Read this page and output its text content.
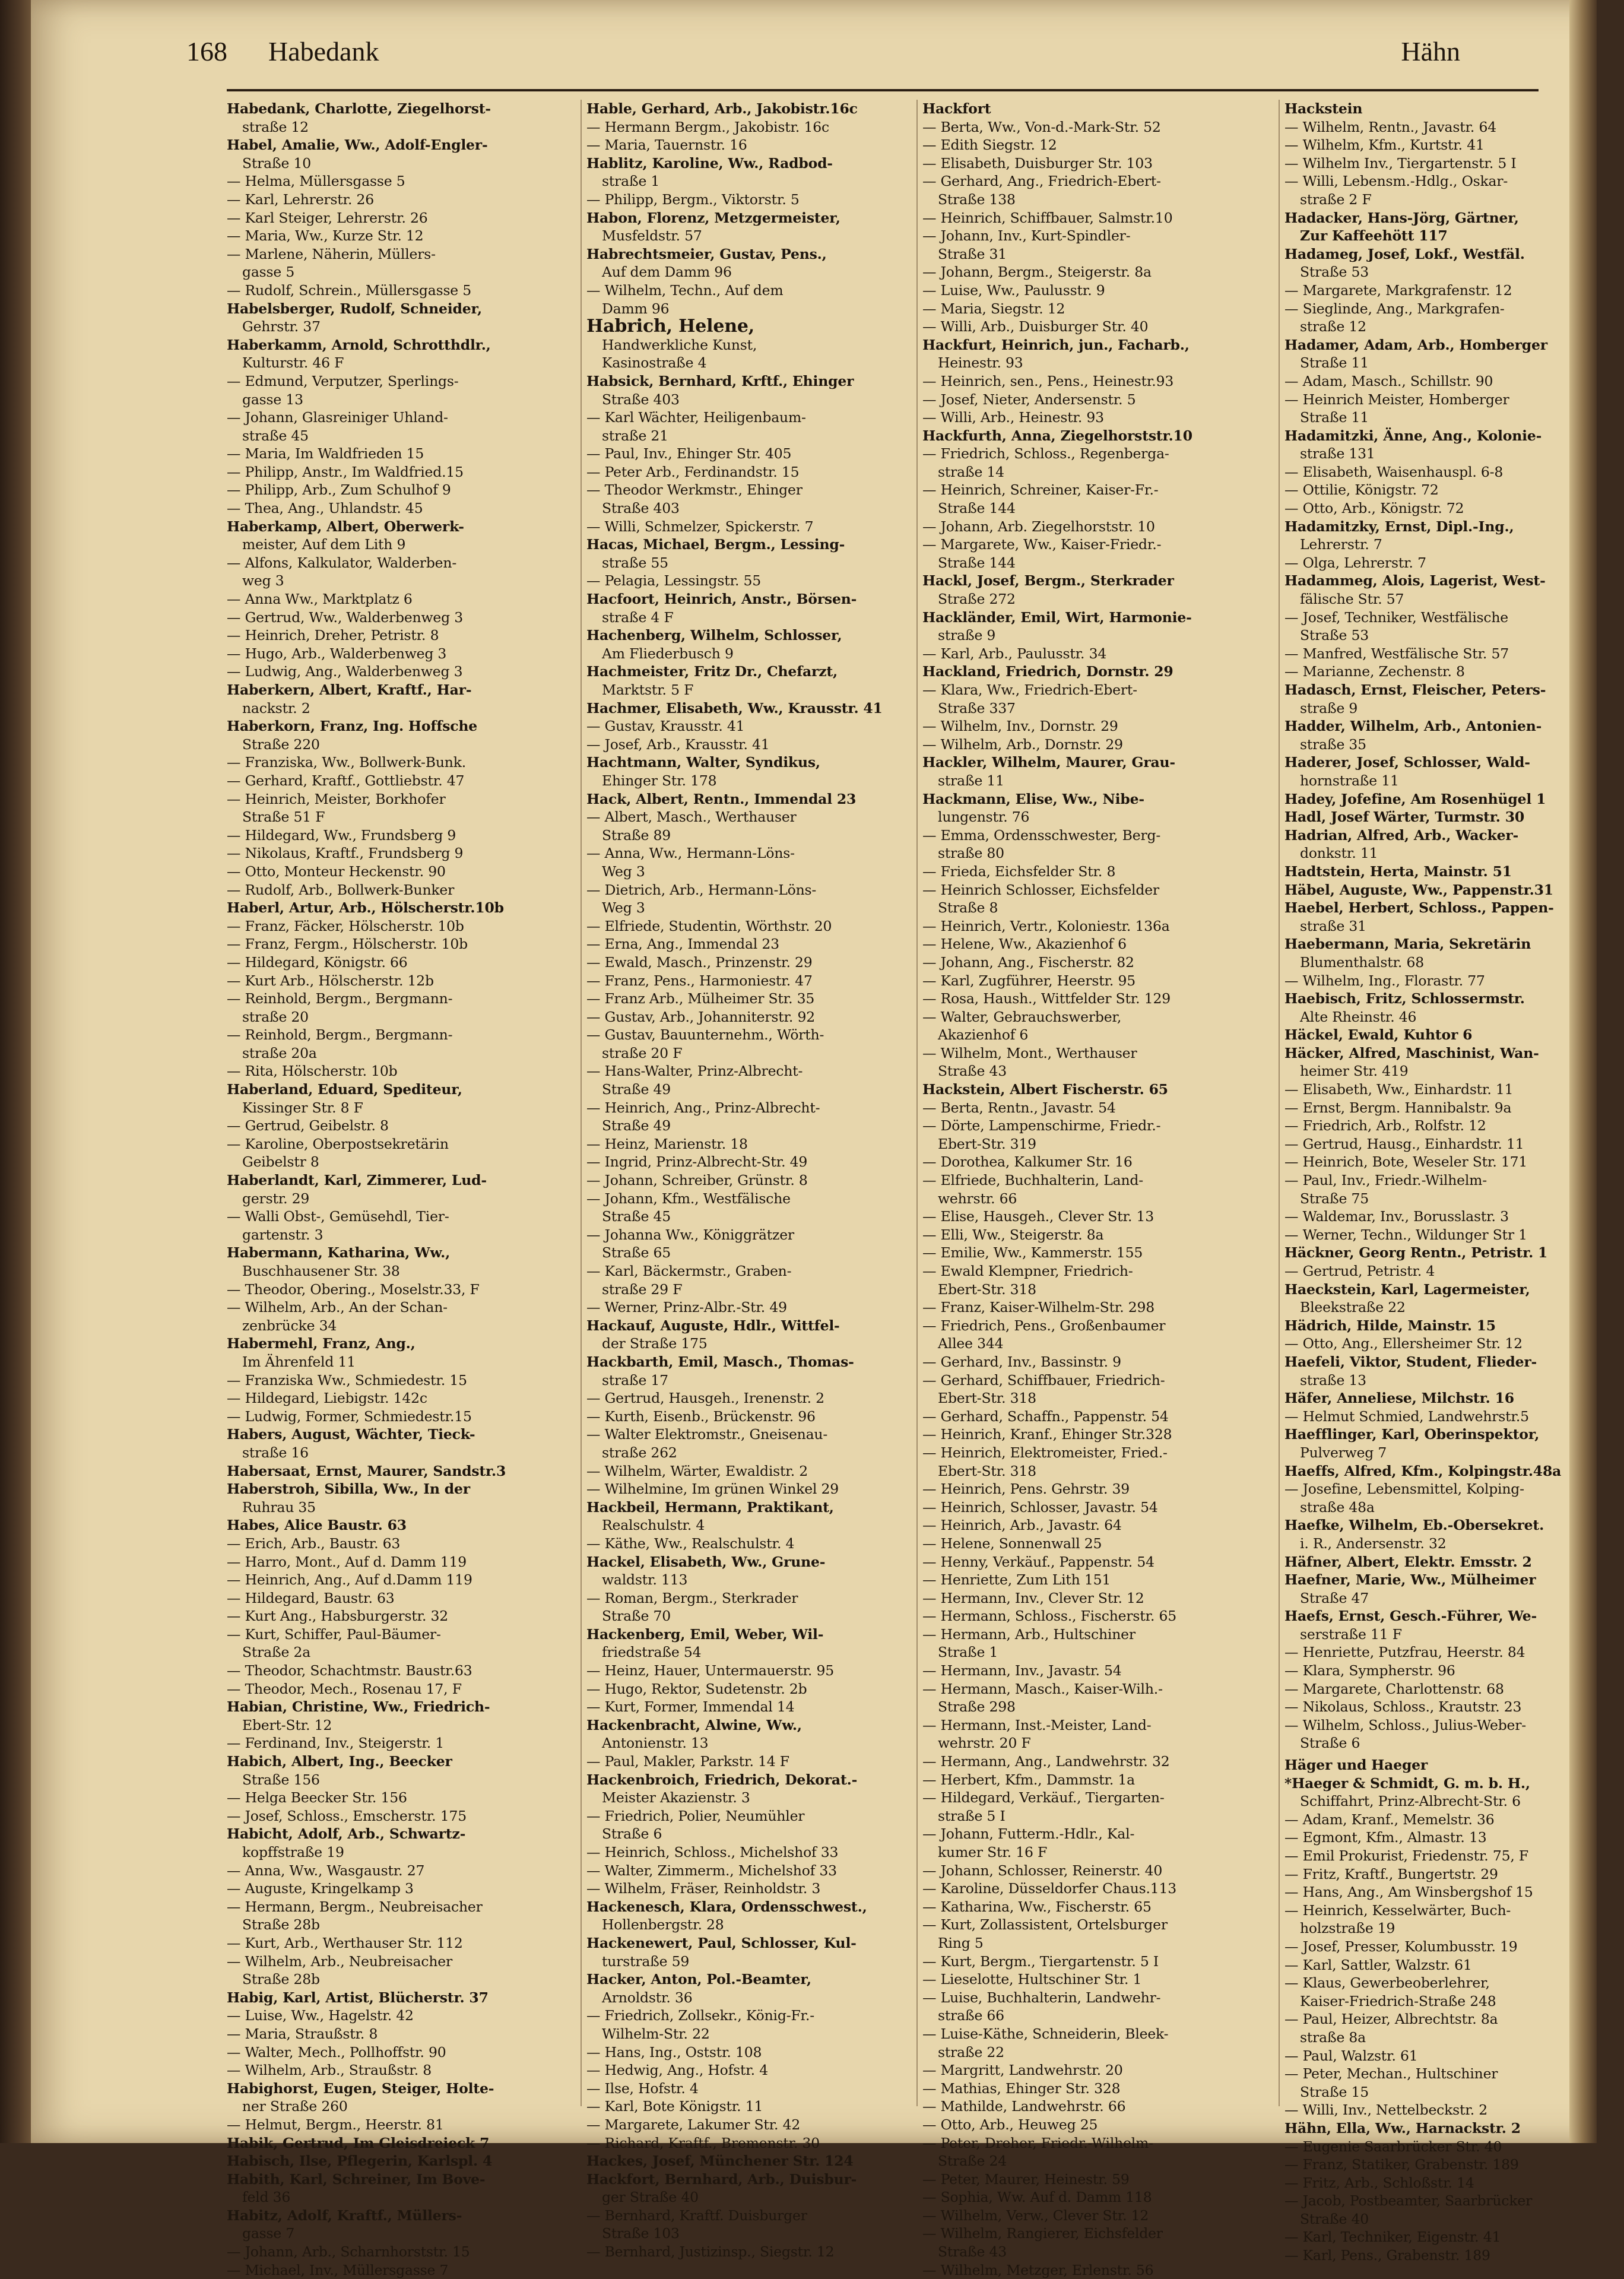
168 Habedank	Hähn
Habedank, Charlotte, Ziegelhorst-
straße 12
Habel, Amalie, Ww., Adolf-Engler-
Straße 10
— Helma, Müllersgasse 5
— Karl, Lehrerstr. 26
— Karl Steiger, Lehrerstr. 26
— Maria, Ww., Kurze Str. 12
— Marlene, Näherin, Müllers-
gasse 5
— Rudolf, Schrein., Müllersgasse 5
Habelsberger, Rudolf, Schneider,
Gehrstr. 37
Haberkamm, Arnold, Schrotthdlr.,
Kulturstr. 46 F
— Edmund, Verputzer, Sperlings-
gasse 13
— Johann, Glasreiniger Uhland-
straße 45
— Maria, Im Waldfrieden 15
— Philipp, Anstr., Im Waldfried.15
— Philipp, Arb., Zum Schulhof 9
— Thea, Ang., Uhlandstr. 45
Haberkamp, Albert, Oberwerk-
meister, Auf dem Lith 9
— Alfons, Kalkulator, Walderben-
weg 3
— Anna Ww., Marktplatz 6
— Gertrud, Ww., Walderbenweg 3
— Heinrich, Dreher, Petristr. 8
— Hugo, Arb., Walderbenweg 3
— Ludwig, Ang., Walderbenweg 3
Haberkern, Albert, Kraftf., Har-
nackstr. 2
Haberkorn, Franz, Ing. Hoffsche
Straße 220
— Franziska, Ww., Bollwerk-Bunk.
— Gerhard, Kraftf., Gottliebstr. 47
— Heinrich, Meister, Borkhofer
Straße 51 F
— Hildegard, Ww., Frundsberg 9
— Nikolaus, Kraftf., Frundsberg 9
— Otto, Monteur Heckenstr. 90
— Rudolf, Arb., Bollwerk-Bunker
Haberl, Artur, Arb., Hölscherstr.10b
— Franz, Fäcker, Hölscherstr. 10b
— Franz, Fergm., Hölscherstr. 10b
— Hildegard, Königstr. 66
— Kurt Arb., Hölscherstr. 12b
— Reinhold, Bergm., Bergmann-
straße 20
— Reinhold, Bergm., Bergmann-
straße 20a
— Rita, Hölscherstr. 10b
Haberland, Eduard, Spediteur,
Kissinger Str. 8 F
— Gertrud, Geibelstr. 8
— Karoline, Oberpostsekretärin
Geibelstr 8
Haberlandt, Karl, Zimmerer, Lud-
gerstr. 29
— Walli Obst-, Gemüsehdl, Tier-
gartenstr. 3
Habermann, Katharina, Ww.,
Buschhausener Str. 38
— Theodor, Obering., Moselstr.33, F
— Wilhelm, Arb., An der Schan-
zenbrücke 34
Habermehl, Franz, Ang.,
Im Ährenfeld 11
— Franziska Ww., Schmiedestr. 15
— Hildegard, Liebigstr. 142c
— Ludwig, Former, Schmiedestr.15
Habers, August, Wächter, Tieck-
straße 16
Habersaat, Ernst, Maurer, Sandstr.3
Haberstroh, Sibilla, Ww., In der
Ruhrau 35
Habes, Alice Baustr. 63
— Erich, Arb., Baustr. 63
— Harro, Mont., Auf d. Damm 119
— Heinrich, Ang., Auf d.Damm 119
— Hildegard, Baustr. 63
— Kurt Ang., Habsburgerstr. 32
— Kurt, Schiffer, Paul-Bäumer-
Straße 2a
— Theodor, Schachtmstr. Baustr.63
— Theodor, Mech., Rosenau 17, F
Habian, Christine, Ww., Friedrich-
Ebert-Str. 12
— Ferdinand, Inv., Steigerstr. 1
Habich, Albert, Ing., Beecker
Straße 156
— Helga Beecker Str. 156
— Josef, Schloss., Emscherstr. 175
Habicht, Adolf, Arb., Schwartz-
kopffstraße 19
— Anna, Ww., Wasgaustr. 27
— Auguste, Kringelkamp 3
— Hermann, Bergm., Neubreisacher
Straße 28b
— Kurt, Arb., Werthauser Str. 112
— Wilhelm, Arb., Neubreisacher
Straße 28b
Habig, Karl, Artist, Blücherstr. 37
— Luise, Ww., Hagelstr. 42
— Maria, Straußstr. 8
— Walter, Mech., Pollhoffstr. 90
— Wilhelm, Arb., Straußstr. 8
Habighorst, Eugen, Steiger, Holte-
ner Straße 260
— Helmut, Bergm., Heerstr. 81
Habik, Gertrud, Im Gleisdreieck 7
Habisch, Ilse, Pflegerin, Karlspl. 4
Habith, Karl, Schreiner, Im Bove-
feld 36
Habitz, Adolf, Kraftf., Müllers-
gasse 7
— Johann, Arb., Scharnhorststr. 15
— Michael, Inv., Müllersgasse 7
Hable, Gerhard, Arb., Jakobistr.16c
— Hermann Bergm., Jakobistr. 16c
— Maria, Tauernstr. 16
Hablitz, Karoline, Ww., Radbod-
straße 1
— Philipp, Bergm., Viktorstr. 5
Habon, Florenz, Metzgermeister,
Musfeldstr. 57
Habrechtsmeier, Gustav, Pens.,
Auf dem Damm 96
— Wilhelm, Techn., Auf dem
Damm 96
Habrich, Helene,
Handwerkliche Kunst,
Kasinostraße 4
Habsick, Bernhard, Krftf., Ehinger
Straße 403
— Karl Wächter, Heiligenbaum-
straße 21
— Paul, Inv., Ehinger Str. 405
— Peter Arb., Ferdinandstr. 15
— Theodor Werkmstr., Ehinger
Straße 403
— Willi, Schmelzer, Spickerstr. 7
Hacas, Michael, Bergm., Lessing-
straße 55
— Pelagia, Lessingstr. 55
Hacfoort, Heinrich, Anstr., Börsen-
straße 4 F
Hachenberg, Wilhelm, Schlosser,
Am Fliederbusch 9
Hachmeister, Fritz Dr., Chefarzt,
Marktstr. 5 F
Hachmer, Elisabeth, Ww., Krausstr. 41
— Gustav, Krausstr. 41
— Josef, Arb., Krausstr. 41
Hachtmann, Walter, Syndikus,
Ehinger Str. 178
Hack, Albert, Rentn., Immendal 23
— Albert, Masch., Werthauser
Straße 89
— Anna, Ww., Hermann-Löns-
Weg 3
— Dietrich, Arb., Hermann-Löns-
Weg 3
— Elfriede, Studentin, Wörthstr. 20
— Erna, Ang., Immendal 23
— Ewald, Masch., Prinzenstr. 29
— Franz, Pens., Harmoniestr. 47
— Franz Arb., Mülheimer Str. 35
— Gustav, Arb., Johanniterstr. 92
— Gustav, Bauunternehm., Wörth-
straße 20 F
— Hans-Walter, Prinz-Albrecht-
Straße 49
— Heinrich, Ang., Prinz-Albrecht-
Straße 49
— Heinz, Marienstr. 18
— Ingrid, Prinz-Albrecht-Str. 49
— Johann, Schreiber, Grünstr. 8
— Johann, Kfm., Westfälische
Straße 45
— Johanna Ww., Königgrätzer
Straße 65
— Karl, Bäckermstr., Graben-
straße 29 F
— Werner, Prinz-Albr.-Str. 49
Hackauf, Auguste, Hdlr., Wittfel-
der Straße 175
Hackbarth, Emil, Masch., Thomas-
straße 17
— Gertrud, Hausgeh., Irenenstr. 2
— Kurth, Eisenb., Brückenstr. 96
— Walter Elektromstr., Gneisenau-
straße 262
— Wilhelm, Wärter, Ewaldistr. 2
— Wilhelmine, Im grünen Winkel 29
Hackbeil, Hermann, Praktikant,
Realschulstr. 4
— Käthe, Ww., Realschulstr. 4
Hackel, Elisabeth, Ww., Grune-
waldstr. 113
— Roman, Bergm., Sterkrader
Straße 70
Hackenberg, Emil, Weber, Wil-
friedstraße 54
— Heinz, Hauer, Untermauerstr. 95
— Hugo, Rektor, Sudetenstr. 2b
— Kurt, Former, Immendal 14
Hackenbracht, Alwine, Ww.,
Antonienstr. 13
— Paul, Makler, Parkstr. 14 F
Hackenbroich, Friedrich, Dekorat.-
Meister Akazienstr. 3
— Friedrich, Polier, Neumühler
Straße 6
— Heinrich, Schloss., Michelshof 33
— Walter, Zimmerm., Michelshof 33
— Wilhelm, Fräser, Reinholdstr. 3
Hackenesch, Klara, Ordensschwest.,
Hollenbergstr. 28
Hackenewert, Paul, Schlosser, Kul-
turstraße 59
Hacker, Anton, Pol.-Beamter,
Arnoldstr. 36
— Friedrich, Zollsekr., König-Fr.-
Wilhelm-Str. 22
— Hans, Ing., Oststr. 108
— Hedwig, Ang., Hofstr. 4
— Ilse, Hofstr. 4
— Karl, Bote Königstr. 11
— Margarete, Lakumer Str. 42
— Richard, Kraftf., Bremenstr. 30
Hackes, Josef, Münchener Str. 124
Hackfort, Bernhard, Arb., Duisbur-
ger Straße 40
— Bernhard, Kraftf. Duisburger
Straße 103
— Bernhard, Justizinsp., Siegstr. 12
Hackfort
— Berta, Ww., Von-d.-Mark-Str. 52
— Edith Siegstr. 12
— Elisabeth, Duisburger Str. 103
— Gerhard, Ang., Friedrich-Ebert-
Straße 138
— Heinrich, Schiffbauer, Salmstr.10
— Johann, Inv., Kurt-Spindler-
Straße 31
— Johann, Bergm., Steigerstr. 8a
— Luise, Ww., Paulusstr. 9
— Maria, Siegstr. 12
— Willi, Arb., Duisburger Str. 40
Hackfurt, Heinrich, jun., Facharb.,
Heinestr. 93
— Heinrich, sen., Pens., Heinestr.93
— Josef, Nieter, Andersenstr. 5
— Willi, Arb., Heinestr. 93
Hackfurth, Anna, Ziegelhorststr.10
— Friedrich, Schloss., Regenberga-
straße 14
— Heinrich, Schreiner, Kaiser-Fr.-
Straße 144
— Johann, Arb. Ziegelhorststr. 10
— Margarete, Ww., Kaiser-Friedr.-
Straße 144
Hackl, Josef, Bergm., Sterkrader
Straße 272
Hackländer, Emil, Wirt, Harmonie-
straße 9
— Karl, Arb., Paulusstr. 34
Hackland, Friedrich, Dornstr. 29
— Klara, Ww., Friedrich-Ebert-
Straße 337
— Wilhelm, Inv., Dornstr. 29
— Wilhelm, Arb., Dornstr. 29
Hackler, Wilhelm, Maurer, Grau-
straße 11
Hackmann, Elise, Ww., Nibe-
lungenstr. 76
— Emma, Ordensschwester, Berg-
straße 80
— Frieda, Eichsfelder Str. 8
— Heinrich Schlosser, Eichsfelder
Straße 8
— Heinrich, Vertr., Koloniestr. 136a
— Helene, Ww., Akazienhof 6
— Johann, Ang., Fischerstr. 82
— Karl, Zugführer, Heerstr. 95
— Rosa, Haush., Wittfelder Str. 129
— Walter, Gebrauchswerber,
Akazienhof 6
— Wilhelm, Mont., Werthauser
Straße 43
Hackstein, Albert Fischerstr. 65
— Berta, Rentn., Javastr. 54
— Dörte, Lampenschirme, Friedr.-
Ebert-Str. 319
— Dorothea, Kalkumer Str. 16
— Elfriede, Buchhalterin, Land-
wehrstr. 66
— Elise, Hausgeh., Clever Str. 13
— Elli, Ww., Steigerstr. 8a
— Emilie, Ww., Kammerstr. 155
— Ewald Klempner, Friedrich-
Ebert-Str. 318
— Franz, Kaiser-Wilhelm-Str. 298
— Friedrich, Pens., Großenbaumer
Allee 344
— Gerhard, Inv., Bassinstr. 9
— Gerhard, Schiffbauer, Friedrich-
Ebert-Str. 318
— Gerhard, Schaffn., Pappenstr. 54
— Heinrich, Kranf., Ehinger Str.328
— Heinrich, Elektromeister, Fried.-
Ebert-Str. 318
— Heinrich, Pens. Gehrstr. 39
— Heinrich, Schlosser, Javastr. 54
— Heinrich, Arb., Javastr. 64
— Helene, Sonnenwall 25
— Henny, Verkäuf., Pappenstr. 54
— Henriette, Zum Lith 151
— Hermann, Inv., Clever Str. 12
— Hermann, Schloss., Fischerstr. 65
— Hermann, Arb., Hultschiner
Straße 1
— Hermann, Inv., Javastr. 54
— Hermann, Masch., Kaiser-Wilh.-
Straße 298
— Hermann, Inst.-Meister, Land-
wehrstr. 20 F
— Hermann, Ang., Landwehrstr. 32
— Herbert, Kfm., Dammstr. 1a
— Hildegard, Verkäuf., Tiergarten-
straße 5 I
— Johann, Futterm.-Hdlr., Kal-
kumer Str. 16 F
— Johann, Schlosser, Reinerstr. 40
— Karoline, Düsseldorfer Chaus.113
— Katharina, Ww., Fischerstr. 65
— Kurt, Zollassistent, Ortelsburger
Ring 5
— Kurt, Bergm., Tiergartenstr. 5 I
— Lieselotte, Hultschiner Str. 1
— Luise, Buchhalterin, Landwehr-
straße 66
— Luise-Käthe, Schneiderin, Bleek-
straße 22
— Margritt, Landwehrstr. 20
— Mathias, Ehinger Str. 328
— Mathilde, Landwehrstr. 66
— Otto, Arb., Heuweg 25
— Peter, Dreher, Friedr.-Wilhelm-
Straße 24
— Peter, Maurer, Heinestr. 59
— Sophia, Ww. Auf d. Damm 118
— Wilhelm, Verw., Clever Str. 12
— Wilhelm, Rangierer, Eichsfelder
Straße 43
— Wilhelm, Metzger, Erlenstr. 56
Hackstein
— Wilhelm, Rentn., Javastr. 64
— Wilhelm, Kfm., Kurtstr. 41
— Wilhelm Inv., Tiergartenstr. 5 I
— Willi, Lebensm.-Hdlg., Oskar-
straße 2 F
Hadacker, Hans-Jörg, Gärtner,
Zur Kaffeehött 117
Hadameg, Josef, Lokf., Westfäl.
Straße 53
— Margarete, Markgrafenstr. 12
— Sieglinde, Ang., Markgrafen-
straße 12
Hadamer, Adam, Arb., Homberger
Straße 11
— Adam, Masch., Schillstr. 90
— Heinrich Meister, Homberger
Straße 11
Hadamitzki, Änne, Ang., Kolonie-
straße 131
— Elisabeth, Waisenhauspl. 6-8
— Ottilie, Königstr. 72
— Otto, Arb., Königstr. 72
Hadamitzky, Ernst, Dipl.-Ing.,
Lehrerstr. 7
— Olga, Lehrerstr. 7
Hadammeg, Alois, Lagerist, West-
fälische Str. 57
— Josef, Techniker, Westfälische
Straße 53
— Manfred, Westfälische Str. 57
— Marianne, Zechenstr. 8
Hadasch, Ernst, Fleischer, Peters-
straße 9
Hadder, Wilhelm, Arb., Antonien-
straße 35
Haderer, Josef, Schlosser, Wald-
hornstraße 11
Hadey, Jofefine, Am Rosenhügel 1
Hadl, Josef Wärter, Turmstr. 30
Hadrian, Alfred, Arb., Wacker-
donkstr. 11
Hadtstein, Herta, Mainstr. 51
Häbel, Auguste, Ww., Pappenstr.31
Haebel, Herbert, Schloss., Pappen-
straße 31
Haebermann, Maria, Sekretärin
Blumenthalstr. 68
— Wilhelm, Ing., Florastr. 77
Haebisch, Fritz, Schlossermstr.
Alte Rheinstr. 46
Häckel, Ewald, Kuhtor 6
Häcker, Alfred, Maschinist, Wan-
heimer Str. 419
— Elisabeth, Ww., Einhardstr. 11
— Ernst, Bergm. Hannibalstr. 9a
— Friedrich, Arb., Rolfstr. 12
— Gertrud, Hausg., Einhardstr. 11
— Heinrich, Bote, Weseler Str. 171
— Paul, Inv., Friedr.-Wilhelm-
Straße 75
— Waldemar, Inv., Borusslastr. 3
— Werner, Techn., Wildunger Str 1
Häckner, Georg Rentn., Petristr. 1
— Gertrud, Petristr. 4
Haeckstein, Karl, Lagermeister,
Bleekstraße 22
Hädrich, Hilde, Mainstr. 15
— Otto, Ang., Ellersheimer Str. 12
Haefeli, Viktor, Student, Flieder-
straße 13
Häfer, Anneliese, Milchstr. 16
— Helmut Schmied, Landwehrstr.5
Haefflinger, Karl, Oberinspektor,
Pulverweg 7
Haeffs, Alfred, Kfm., Kolpingstr.48a
— Josefine, Lebensmittel, Kolping-
straße 48a
Haefke, Wilhelm, Eb.-Obersekret.
i. R., Andersenstr. 32
Häfner, Albert, Elektr. Emsstr. 2
Haefner, Marie, Ww., Mülheimer
Straße 47
Haefs, Ernst, Gesch.-Führer, We-
serstraße 11 F
— Henriette, Putzfrau, Heerstr. 84
— Klara, Sympherstr. 96
— Margarete, Charlottenstr. 68
— Nikolaus, Schloss., Krautstr. 23
— Wilhelm, Schloss., Julius-Weber-
Straße 6
Häger und Haeger
*Haeger & Schmidt, G. m. b. H.,
Schiffahrt, Prinz-Albrecht-Str. 6
— Adam, Kranf., Memelstr. 36
— Egmont, Kfm., Almastr. 13
— Emil Prokurist, Friedenstr. 75, F
— Fritz, Kraftf., Bungertstr. 29
— Hans, Ang., Am Winsbergshof 15
— Heinrich, Kesselwärter, Buch-
holzstraße 19
— Josef, Presser, Kolumbusstr. 19
— Karl, Sattler, Walzstr. 61
— Klaus, Gewerbeoberlehrer,
Kaiser-Friedrich-Straße 248
— Paul, Heizer, Albrechtstr. 8a
straße 8a
— Paul, Walzstr. 61
— Peter, Mechan., Hultschiner
Straße 15
— Willi, Inv., Nettelbeckstr. 2
Hähn, Ella, Ww., Harnackstr. 2
— Eugenie Saarbrücker Str. 40
— Franz, Statiker, Grabenstr. 189
— Fritz, Arb., Schloßstr. 14
— Jacob, Postbeamter, Saarbrücker
Straße 40
— Karl, Techniker, Eigenstr. 41
— Karl, Pens., Grabenstr. 189
